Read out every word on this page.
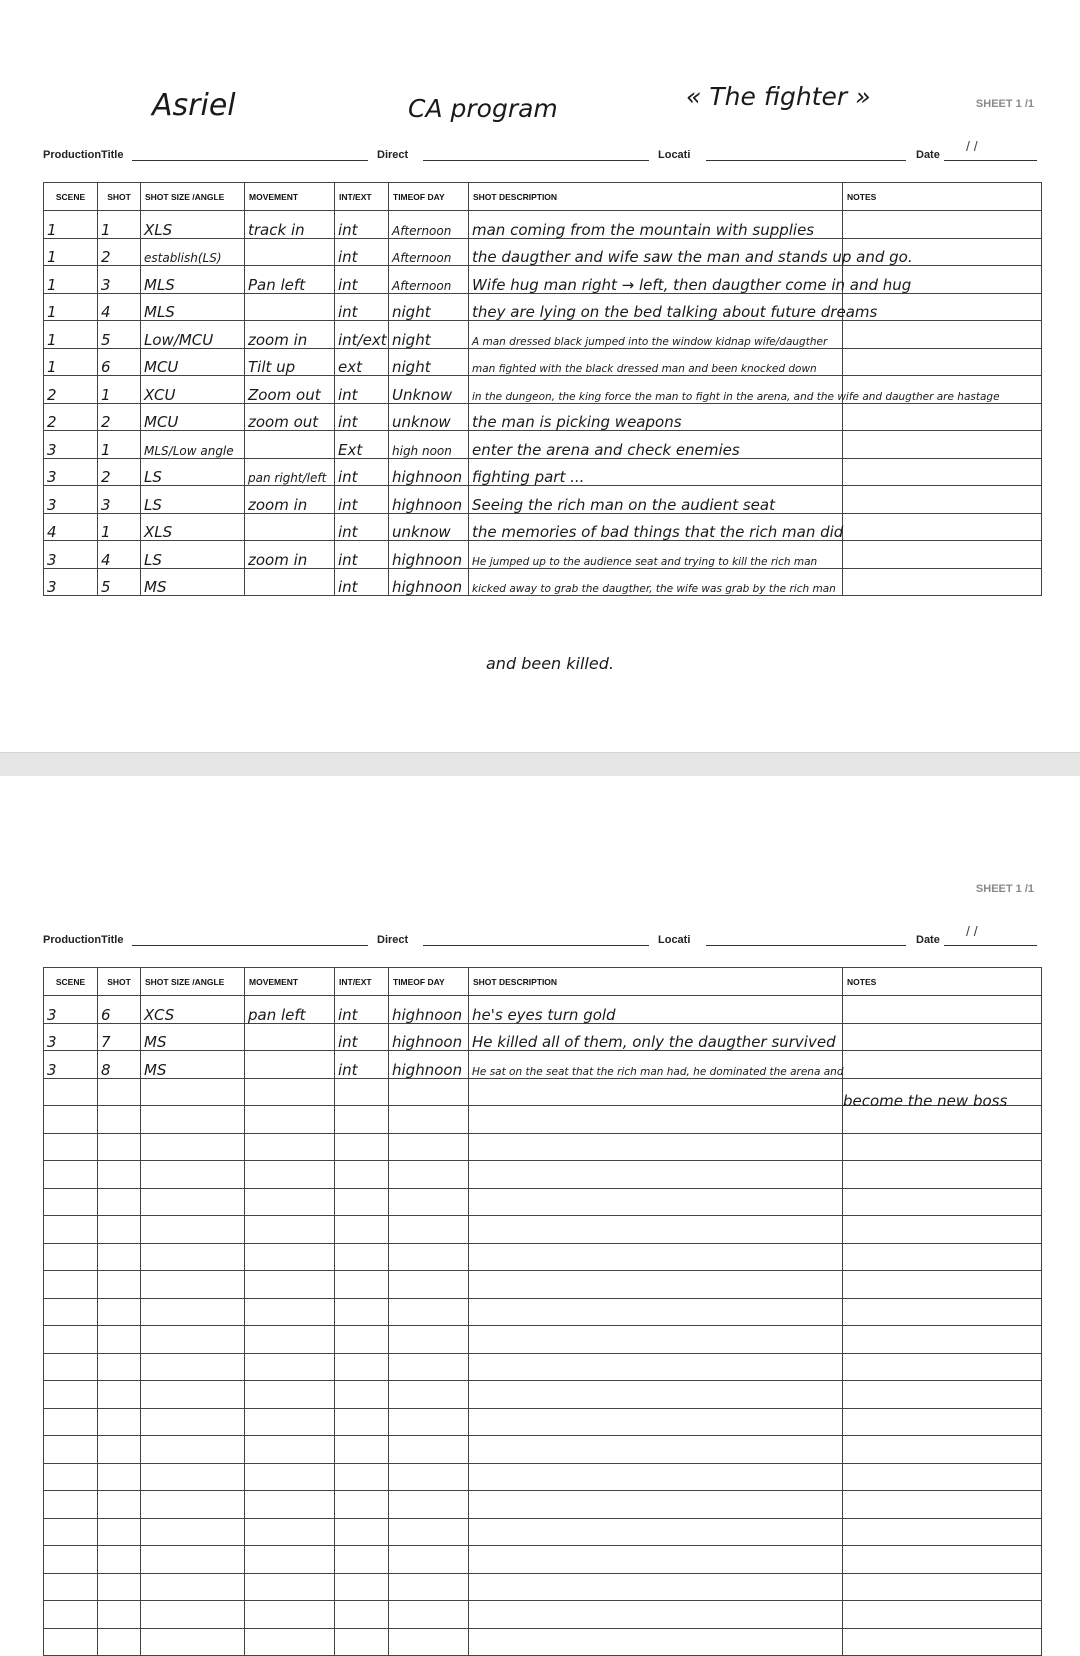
Asriel	CA program	« The fighter »	SHEET 1 /1
ProductionTitle	Direct	Locati	Date
/ /
SCENE	SHOT	SHOT SIZE /ANGLE	MOVEMENT	INT/EXT	TIMEOF DAY	SHOT DESCRIPTION	NOTES
1	1	XLS	track in	int	Afternoon	man coming from the mountain with supplies	
1	2	establish(LS)		int	Afternoon	the daugther and wife saw the man and stands up and go.	
1	3	MLS	Pan left	int	Afternoon	Wife hug man right → left, then daugther come in and hug	
1	4	MLS		int	night	they are lying on the bed talking about future dreams	
1	5	Low/MCU	zoom in	int/ext	night	A man dressed black jumped into the window kidnap wife/daugther	
1	6	MCU	Tilt up	ext	night	man fighted with the black dressed man and been knocked down	
2	1	XCU	Zoom out	int	Unknow	in the dungeon, the king force the man to fight in the arena, and the wife and daugther are hastage	
2	2	MCU	zoom out	int	unknow	the man is picking weapons	
3	1	MLS/Low angle		Ext	high noon	enter the arena and check enemies	
3	2	LS	pan right/left	int	highnoon	fighting part ...	
3	3	LS	zoom in	int	highnoon	Seeing the rich man on the audient seat	
4	1	XLS		int	unknow	the memories of bad things that the rich man did	
3	4	LS	zoom in	int	highnoon	He jumped up to the audience seat and trying to kill the rich man	
3	5	MS		int	highnoon	kicked away to grab the daugther, the wife was grab by the rich man	
and been killed.
SHEET 1 /1
ProductionTitle	Direct	Locati	Date
/ /
SCENE	SHOT	SHOT SIZE /ANGLE	MOVEMENT	INT/EXT	TIMEOF DAY	SHOT DESCRIPTION	NOTES
3	6	XCS	pan left	int	highnoon	he's eyes turn gold	
3	7	MS		int	highnoon	He killed all of them, only the daugther survived	
3	8	MS		int	highnoon	He sat on the seat that the rich man had, he dominated the arena and	

become the new boss
